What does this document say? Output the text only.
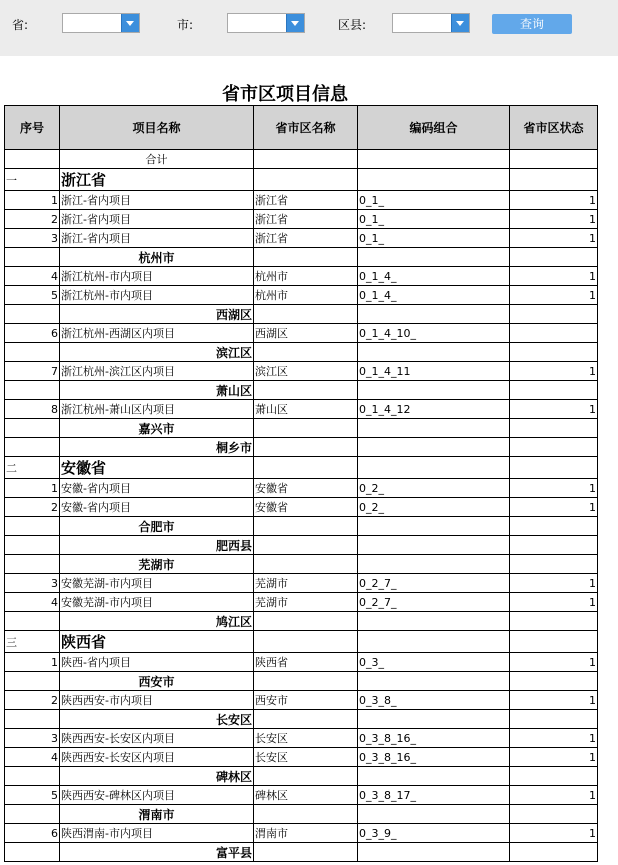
省:	市:	区县:	查询
省市区项目信息
序号	项目名称	省市区名称	编码组合	省市区状态
	合计			
一	浙江省			
1	浙江-省内项目	浙江省	0_1_	1
2	浙江-省内项目	浙江省	0_1_	1
3	浙江-省内项目	浙江省	0_1_	1
	杭州市			
4	浙江杭州-市内项目	杭州市	0_1_4_	1
5	浙江杭州-市内项目	杭州市	0_1_4_	1
	西湖区			
6	浙江杭州-西湖区内项目	西湖区	0_1_4_10_	
	滨江区			
7	浙江杭州-滨江区内项目	滨江区	0_1_4_11	1
	萧山区			
8	浙江杭州-萧山区内项目	萧山区	0_1_4_12	1
	嘉兴市			
	桐乡市			
二	安徽省			
1	安徽-省内项目	安徽省	0_2_	1
2	安徽-省内项目	安徽省	0_2_	1
	合肥市			
	肥西县			
	芜湖市			
3	安徽芜湖-市内项目	芜湖市	0_2_7_	1
4	安徽芜湖-市内项目	芜湖市	0_2_7_	1
	鸠江区			
三	陕西省			
1	陕西-省内项目	陕西省	0_3_	1
	西安市			
2	陕西西安-市内项目	西安市	0_3_8_	1
	长安区			
3	陕西西安-长安区内项目	长安区	0_3_8_16_	1
4	陕西西安-长安区内项目	长安区	0_3_8_16_	1
	碑林区			
5	陕西西安-碑林区内项目	碑林区	0_3_8_17_	1
	渭南市			
6	陕西渭南-市内项目	渭南市	0_3_9_	1
	富平县			
